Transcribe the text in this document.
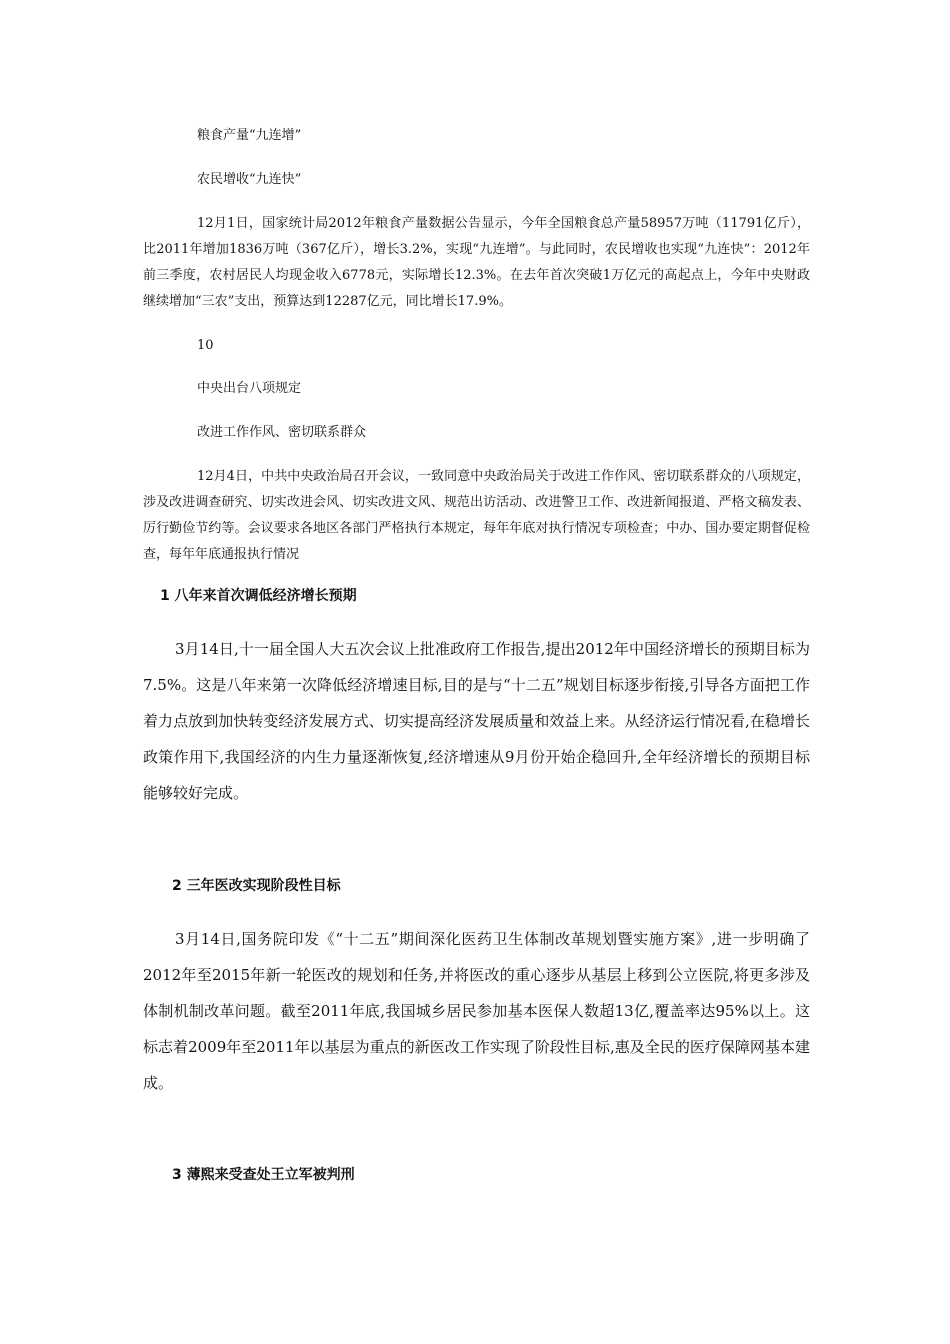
粮食产量“九连增”

农民增收“九连快”

12月1日，国家统计局2012年粮食产量数据公告显示，今年全国粮食总产量58957万吨（11791亿斤），比2011年增加1836万吨（367亿斤），增长3.2%，实现“九连增”。与此同时，农民增收也实现“九连快”：2012年前三季度，农村居民人均现金收入6778元，实际增长12.3%。在去年首次突破1万亿元的高起点上，今年中央财政继续增加“三农”支出，预算达到12287亿元，同比增长17.9%。

10

中央出台八项规定

改进工作作风、密切联系群众

12月4日，中共中央政治局召开会议，一致同意中央政治局关于改进工作作风、密切联系群众的八项规定，涉及改进调查研究、切实改进会风、切实改进文风、规范出访活动、改进警卫工作、改进新闻报道、严格文稿发表、厉行勤俭节约等。会议要求各地区各部门严格执行本规定，每年年底对执行情况专项检查；中办、国办要定期督促检查，每年年底通报执行情况

1 八年来首次调低经济增长预期

3月14日,十一届全国人大五次会议上批准政府工作报告,提出2012年中国经济增长的预期目标为7.5%。这是八年来第一次降低经济增速目标,目的是与“十二五”规划目标逐步衔接,引导各方面把工作着力点放到加快转变经济发展方式、切实提高经济发展质量和效益上来。从经济运行情况看,在稳增长政策作用下,我国经济的内生力量逐渐恢复,经济增速从9月份开始企稳回升,全年经济增长的预期目标能够较好完成。

2 三年医改实现阶段性目标

3月14日,国务院印发《“十二五”期间深化医药卫生体制改革规划暨实施方案》,进一步明确了2012年至2015年新一轮医改的规划和任务,并将医改的重心逐步从基层上移到公立医院,将更多涉及体制机制改革问题。截至2011年底,我国城乡居民参加基本医保人数超13亿,覆盖率达95%以上。这标志着2009年至2011年以基层为重点的新医改工作实现了阶段性目标,惠及全民的医疗保障网基本建成。

3 薄熙来受查处王立军被判刑
